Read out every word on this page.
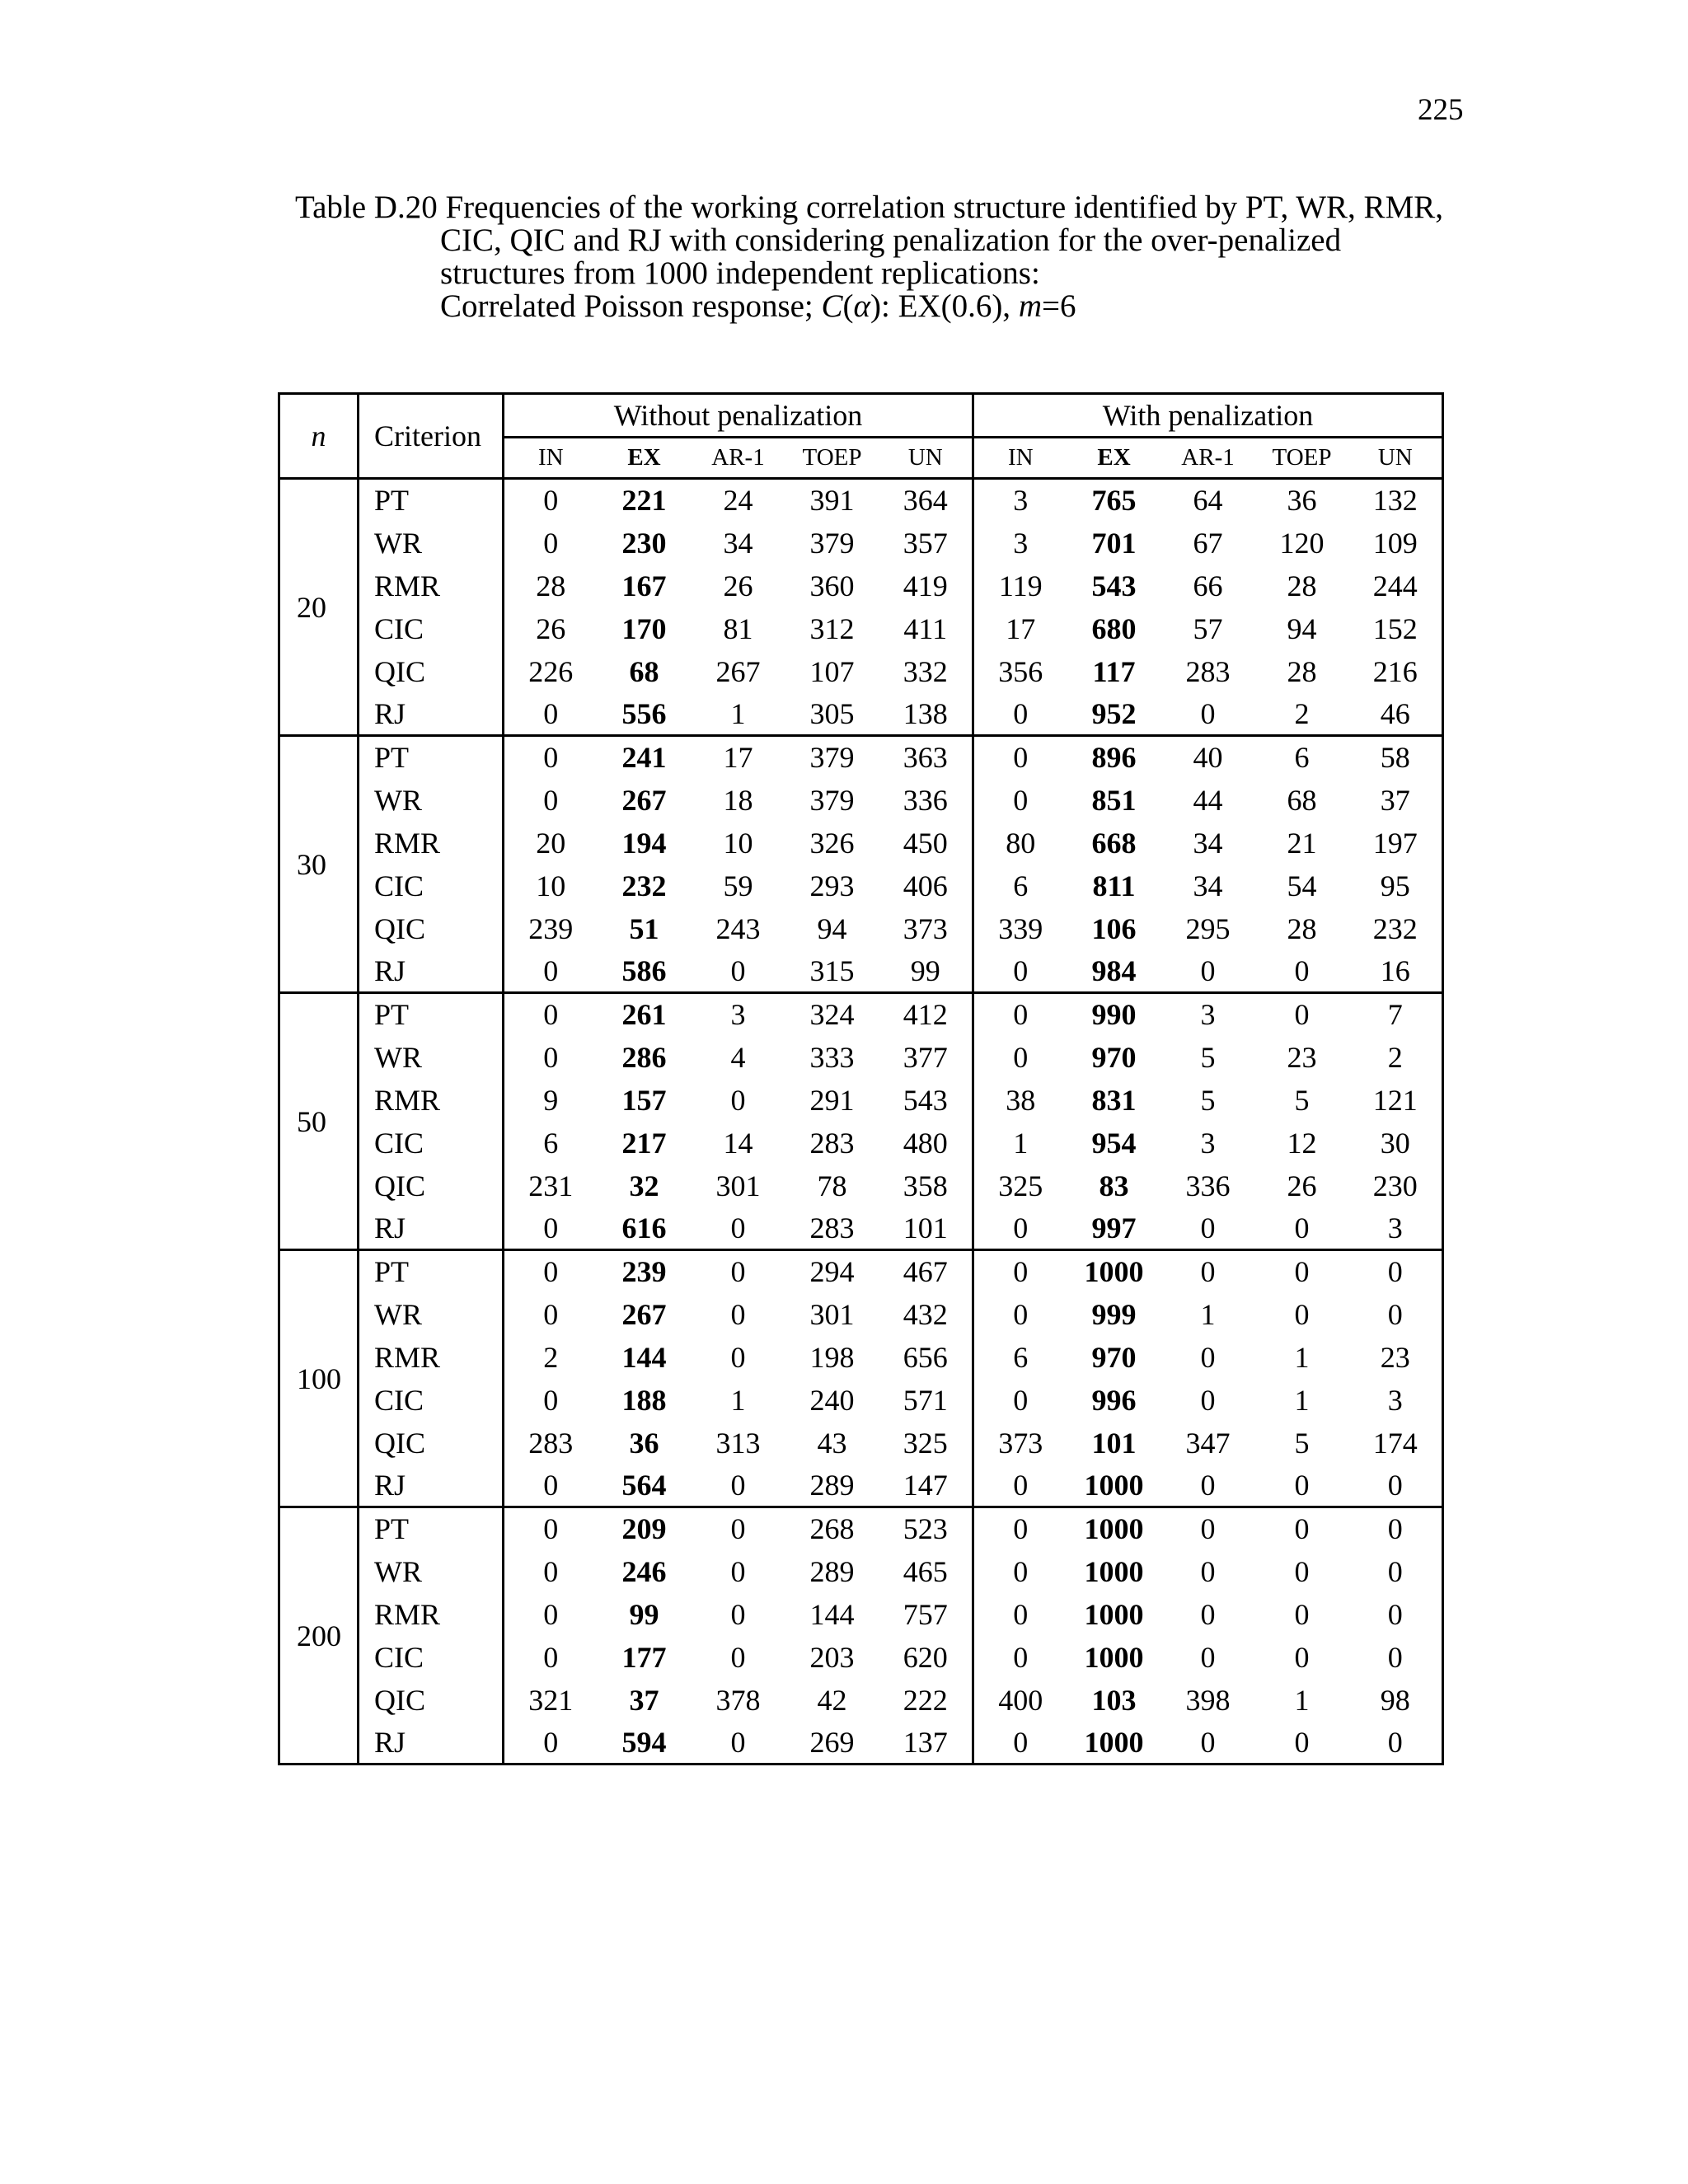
225
Table D.20 Frequencies of the working correlation structure identified by PT, WR, RMR,
CIC, QIC and RJ with considering penalization for the over-penalized
structures from 1000 independent replications:
Correlated Poisson response; C(α): EX(0.6), m=6
n	Criterion	Without penalization					With penalization				
		IN	EX	AR-1	TOEP	UN	IN	EX	AR-1	TOEP	UN
20	PT	0	221	24	391	364	3	765	64	36	132
	WR	0	230	34	379	357	3	701	67	120	109
	RMR	28	167	26	360	419	119	543	66	28	244
	CIC	26	170	81	312	411	17	680	57	94	152
	QIC	226	68	267	107	332	356	117	283	28	216
	RJ	0	556	1	305	138	0	952	0	2	46
30	PT	0	241	17	379	363	0	896	40	6	58
	WR	0	267	18	379	336	0	851	44	68	37
	RMR	20	194	10	326	450	80	668	34	21	197
	CIC	10	232	59	293	406	6	811	34	54	95
	QIC	239	51	243	94	373	339	106	295	28	232
	RJ	0	586	0	315	99	0	984	0	0	16
50	PT	0	261	3	324	412	0	990	3	0	7
	WR	0	286	4	333	377	0	970	5	23	2
	RMR	9	157	0	291	543	38	831	5	5	121
	CIC	6	217	14	283	480	1	954	3	12	30
	QIC	231	32	301	78	358	325	83	336	26	230
	RJ	0	616	0	283	101	0	997	0	0	3
100	PT	0	239	0	294	467	0	1000	0	0	0
	WR	0	267	0	301	432	0	999	1	0	0
	RMR	2	144	0	198	656	6	970	0	1	23
	CIC	0	188	1	240	571	0	996	0	1	3
	QIC	283	36	313	43	325	373	101	347	5	174
	RJ	0	564	0	289	147	0	1000	0	0	0
200	PT	0	209	0	268	523	0	1000	0	0	0
	WR	0	246	0	289	465	0	1000	0	0	0
	RMR	0	99	0	144	757	0	1000	0	0	0
	CIC	0	177	0	203	620	0	1000	0	0	0
	QIC	321	37	378	42	222	400	103	398	1	98
	RJ	0	594	0	269	137	0	1000	0	0	0
